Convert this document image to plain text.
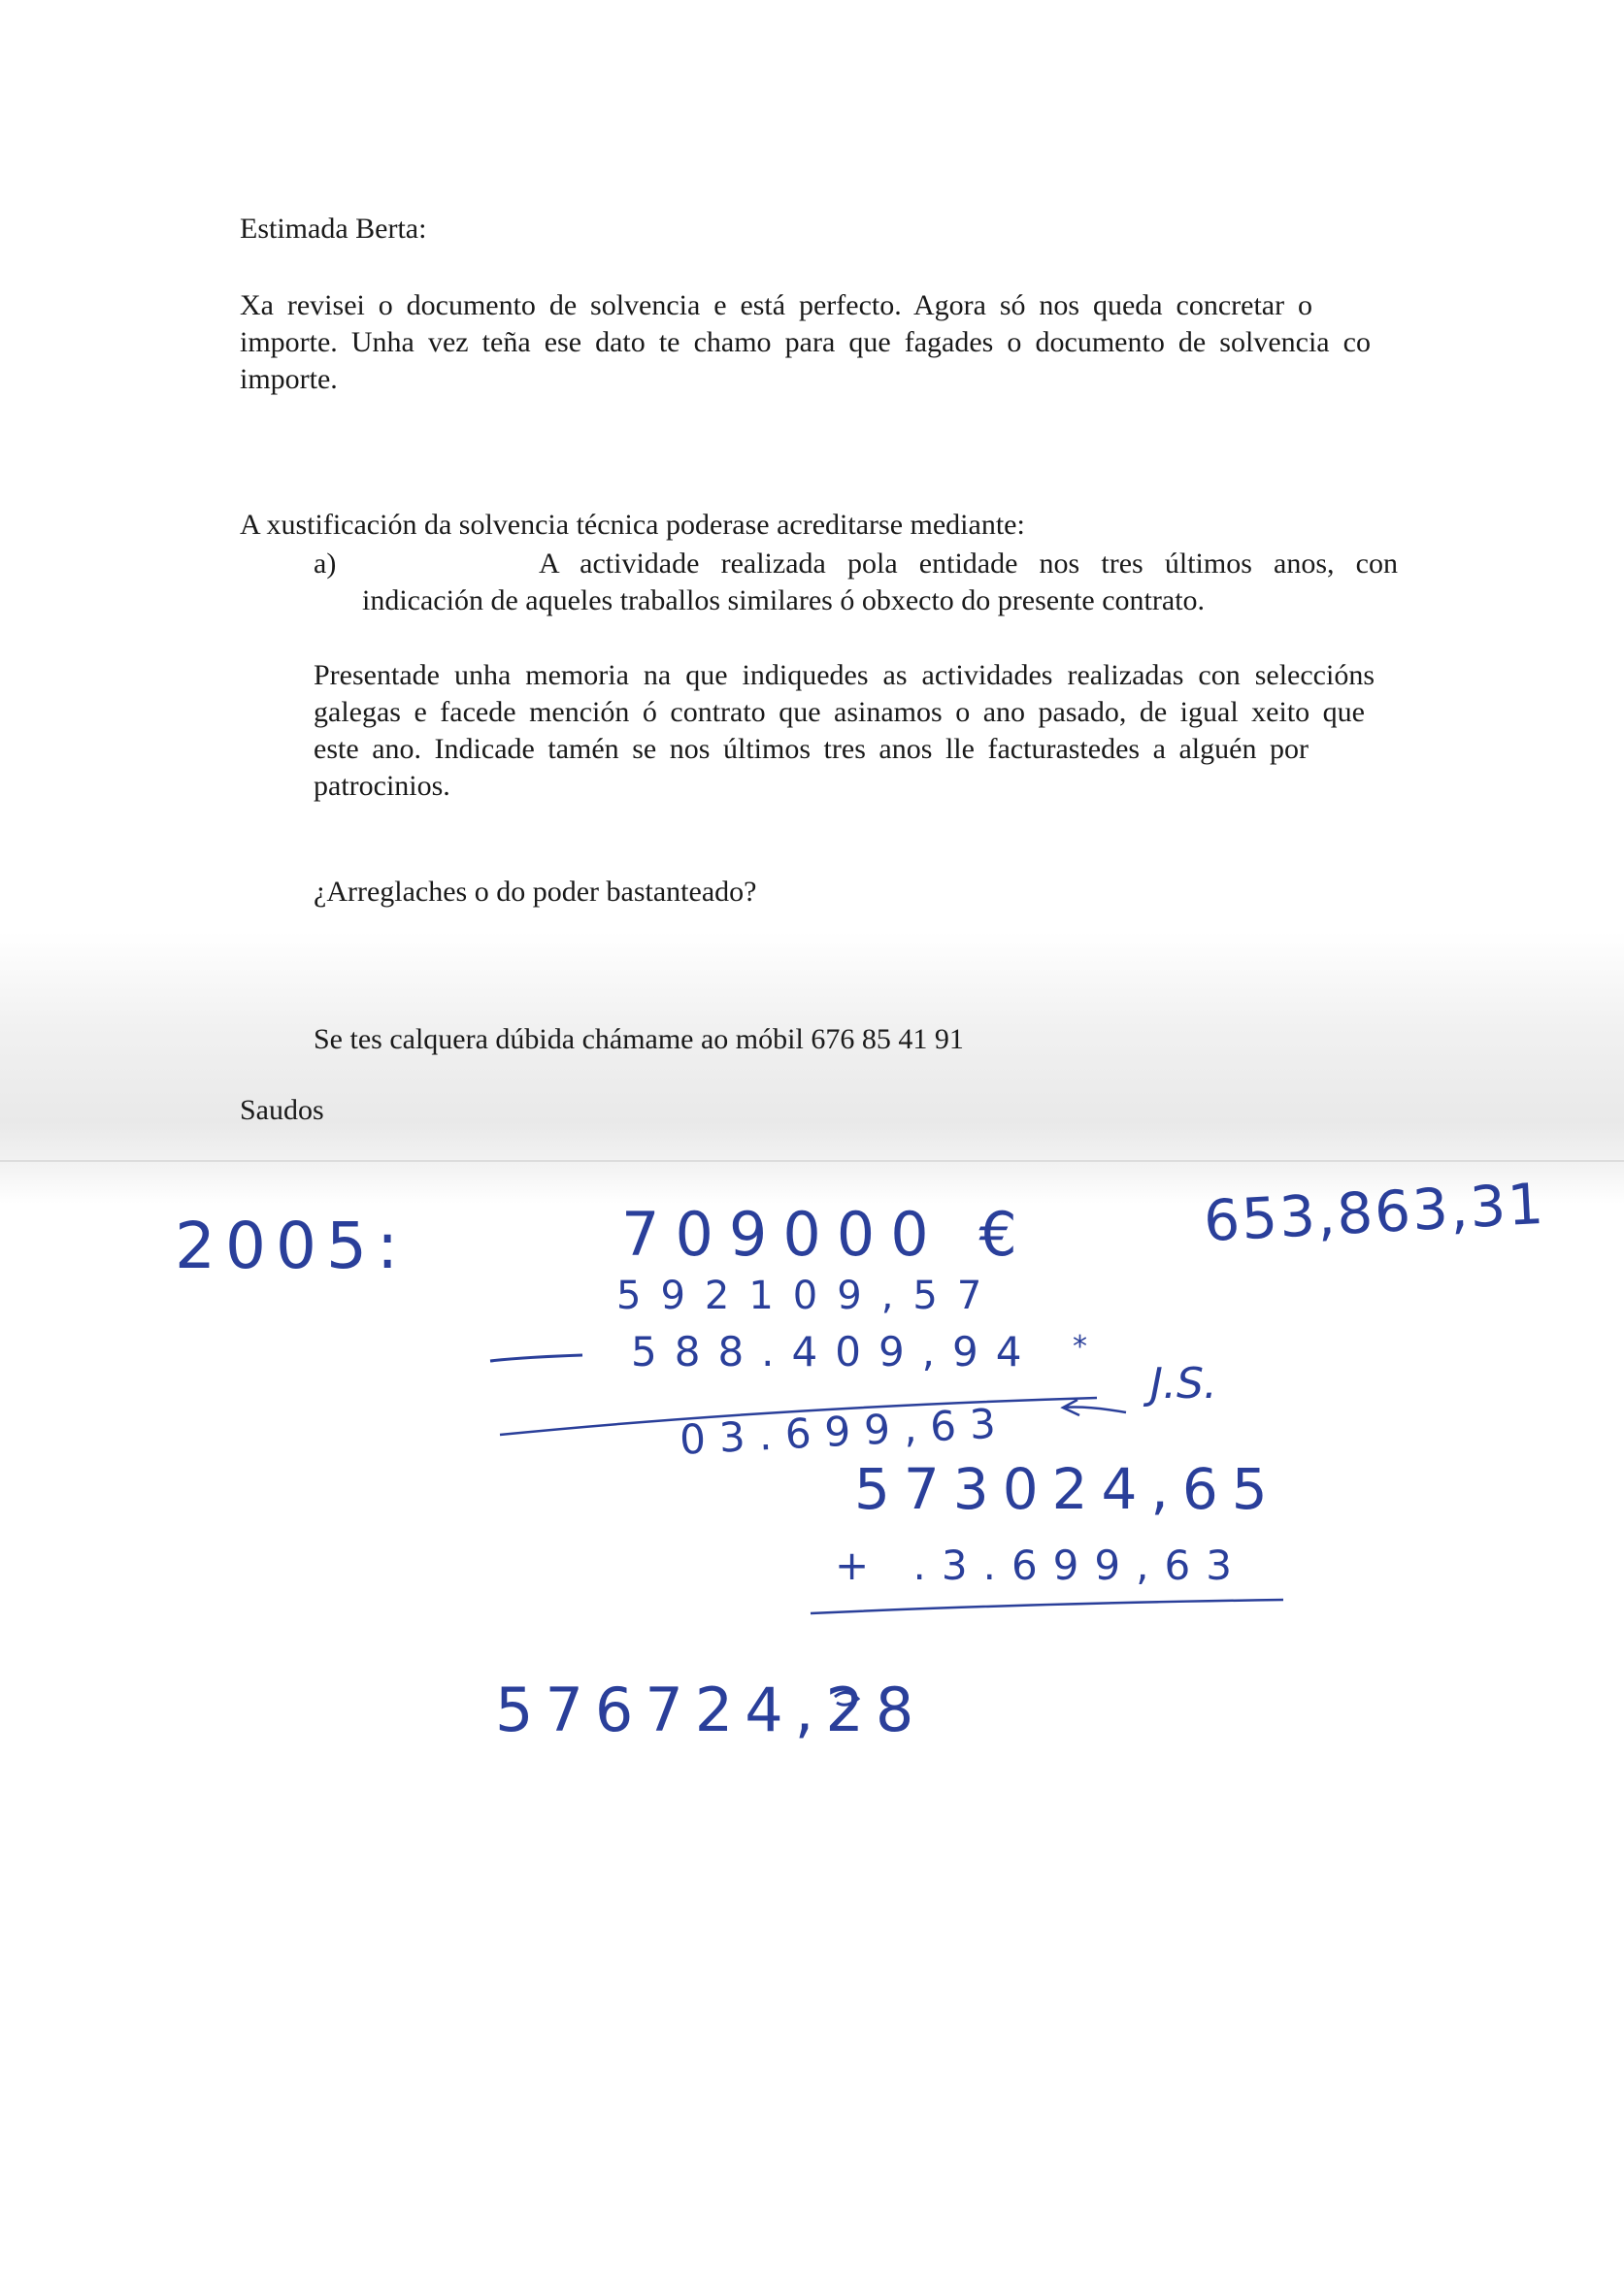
Estimada Berta:

Xa revisei o documento de solvencia e está perfecto. Agora só nos queda concretar o

importe. Unha vez teña ese dato te chamo para que fagades o documento de solvencia co

importe.

A xustificación da solvencia técnica poderase acreditarse mediante:

a)	A actividade realizada pola entidade nos tres últimos anos, con

indicación de aqueles traballos similares ó obxecto do presente contrato.

Presentade unha memoria na que indiquedes as actividades realizadas con seleccións

galegas e facede mención ó contrato que asinamos o ano pasado, de igual xeito que

este ano. Indicade tamén se nos últimos tres anos lle facturastedes a alguén por

patrocinios.

¿Arreglaches o do poder bastanteado?

Se tes calquera dúbida chámame ao móbil 676 85 41 91

Saudos

2005:	709000 €	653,863,31

592109,57

588.409,94 *

J.S.

03.699,63

573024,65

+ .3.699,63

576724,28
